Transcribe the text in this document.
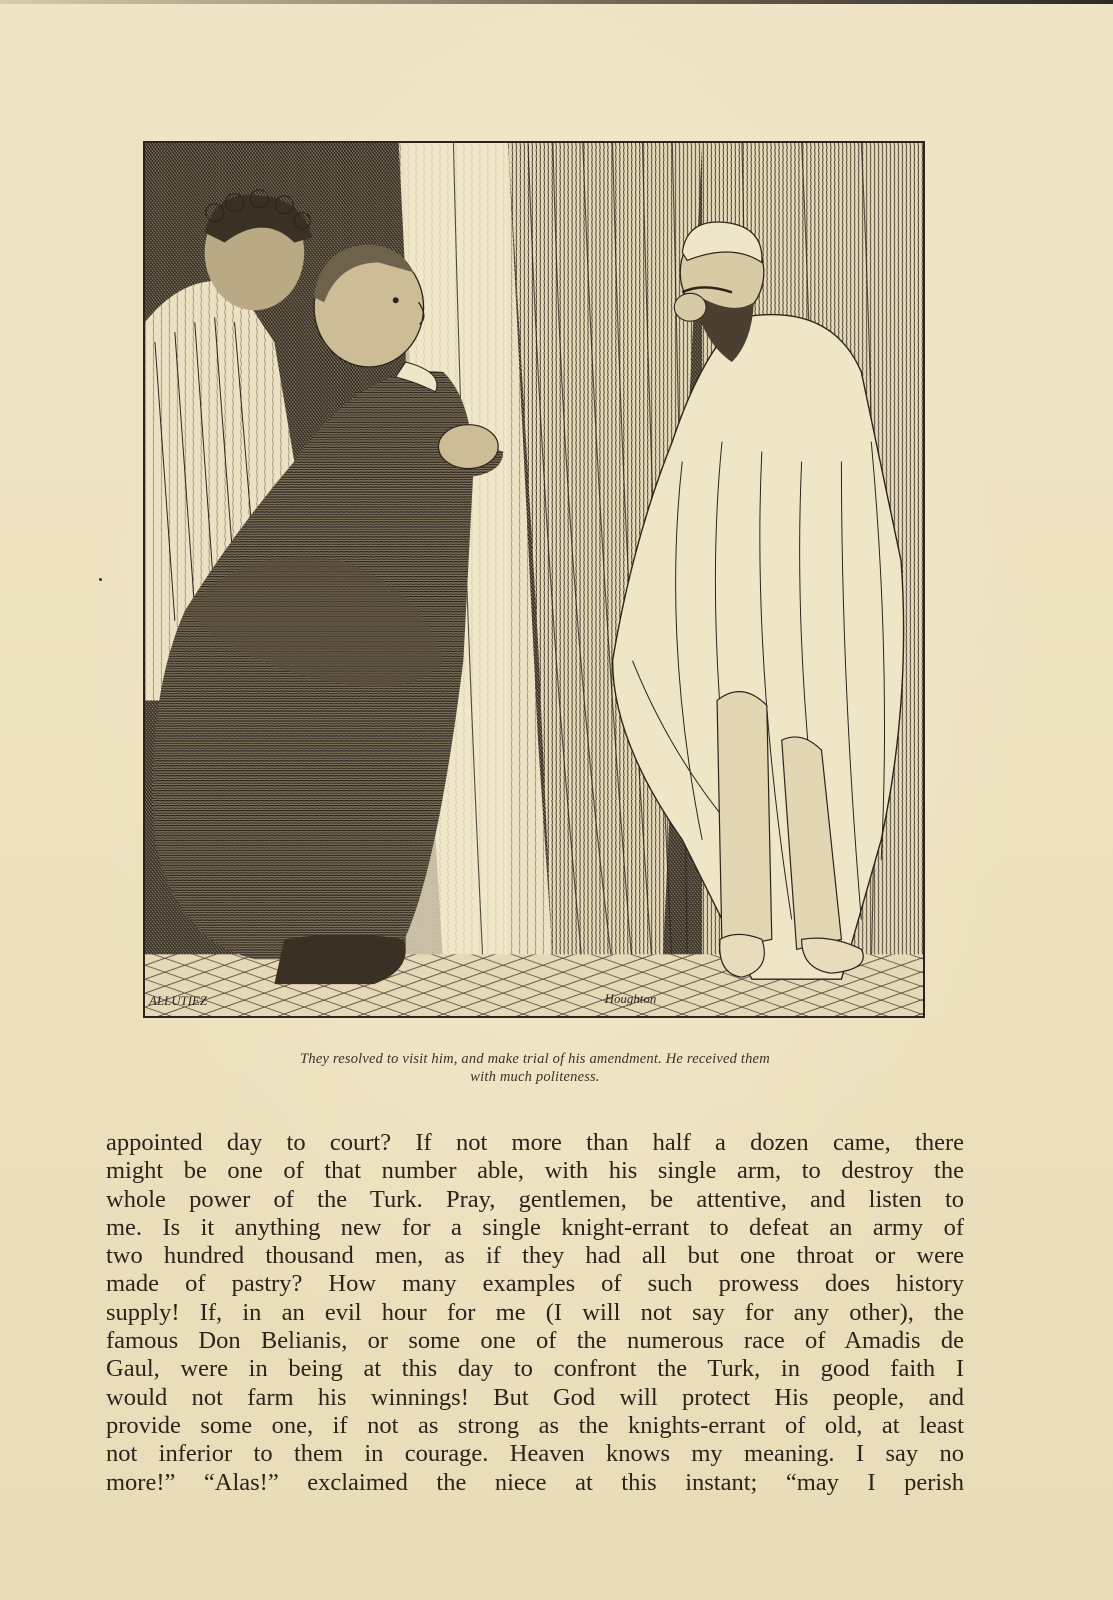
ALLUTIEZ	Houghton
They resolved to visit him, and make trial of his amendment. He received them
with much politeness.
appointed day to court? If not more than half a dozen came, there
might be one of that number able, with his single arm, to destroy the
whole power of the Turk. Pray, gentlemen, be attentive, and listen to
me. Is it anything new for a single knight-errant to defeat an army of
two hundred thousand men, as if they had all but one throat or were
made of pastry? How many examples of such prowess does history
supply! If, in an evil hour for me (I will not say for any other), the
famous Don Belianis, or some one of the numerous race of Amadis de
Gaul, were in being at this day to confront the Turk, in good faith I
would not farm his winnings! But God will protect His people, and
provide some one, if not as strong as the knights-errant of old, at least
not inferior to them in courage. Heaven knows my meaning. I say no
more!” “Alas!” exclaimed the niece at this instant; “may I perish
